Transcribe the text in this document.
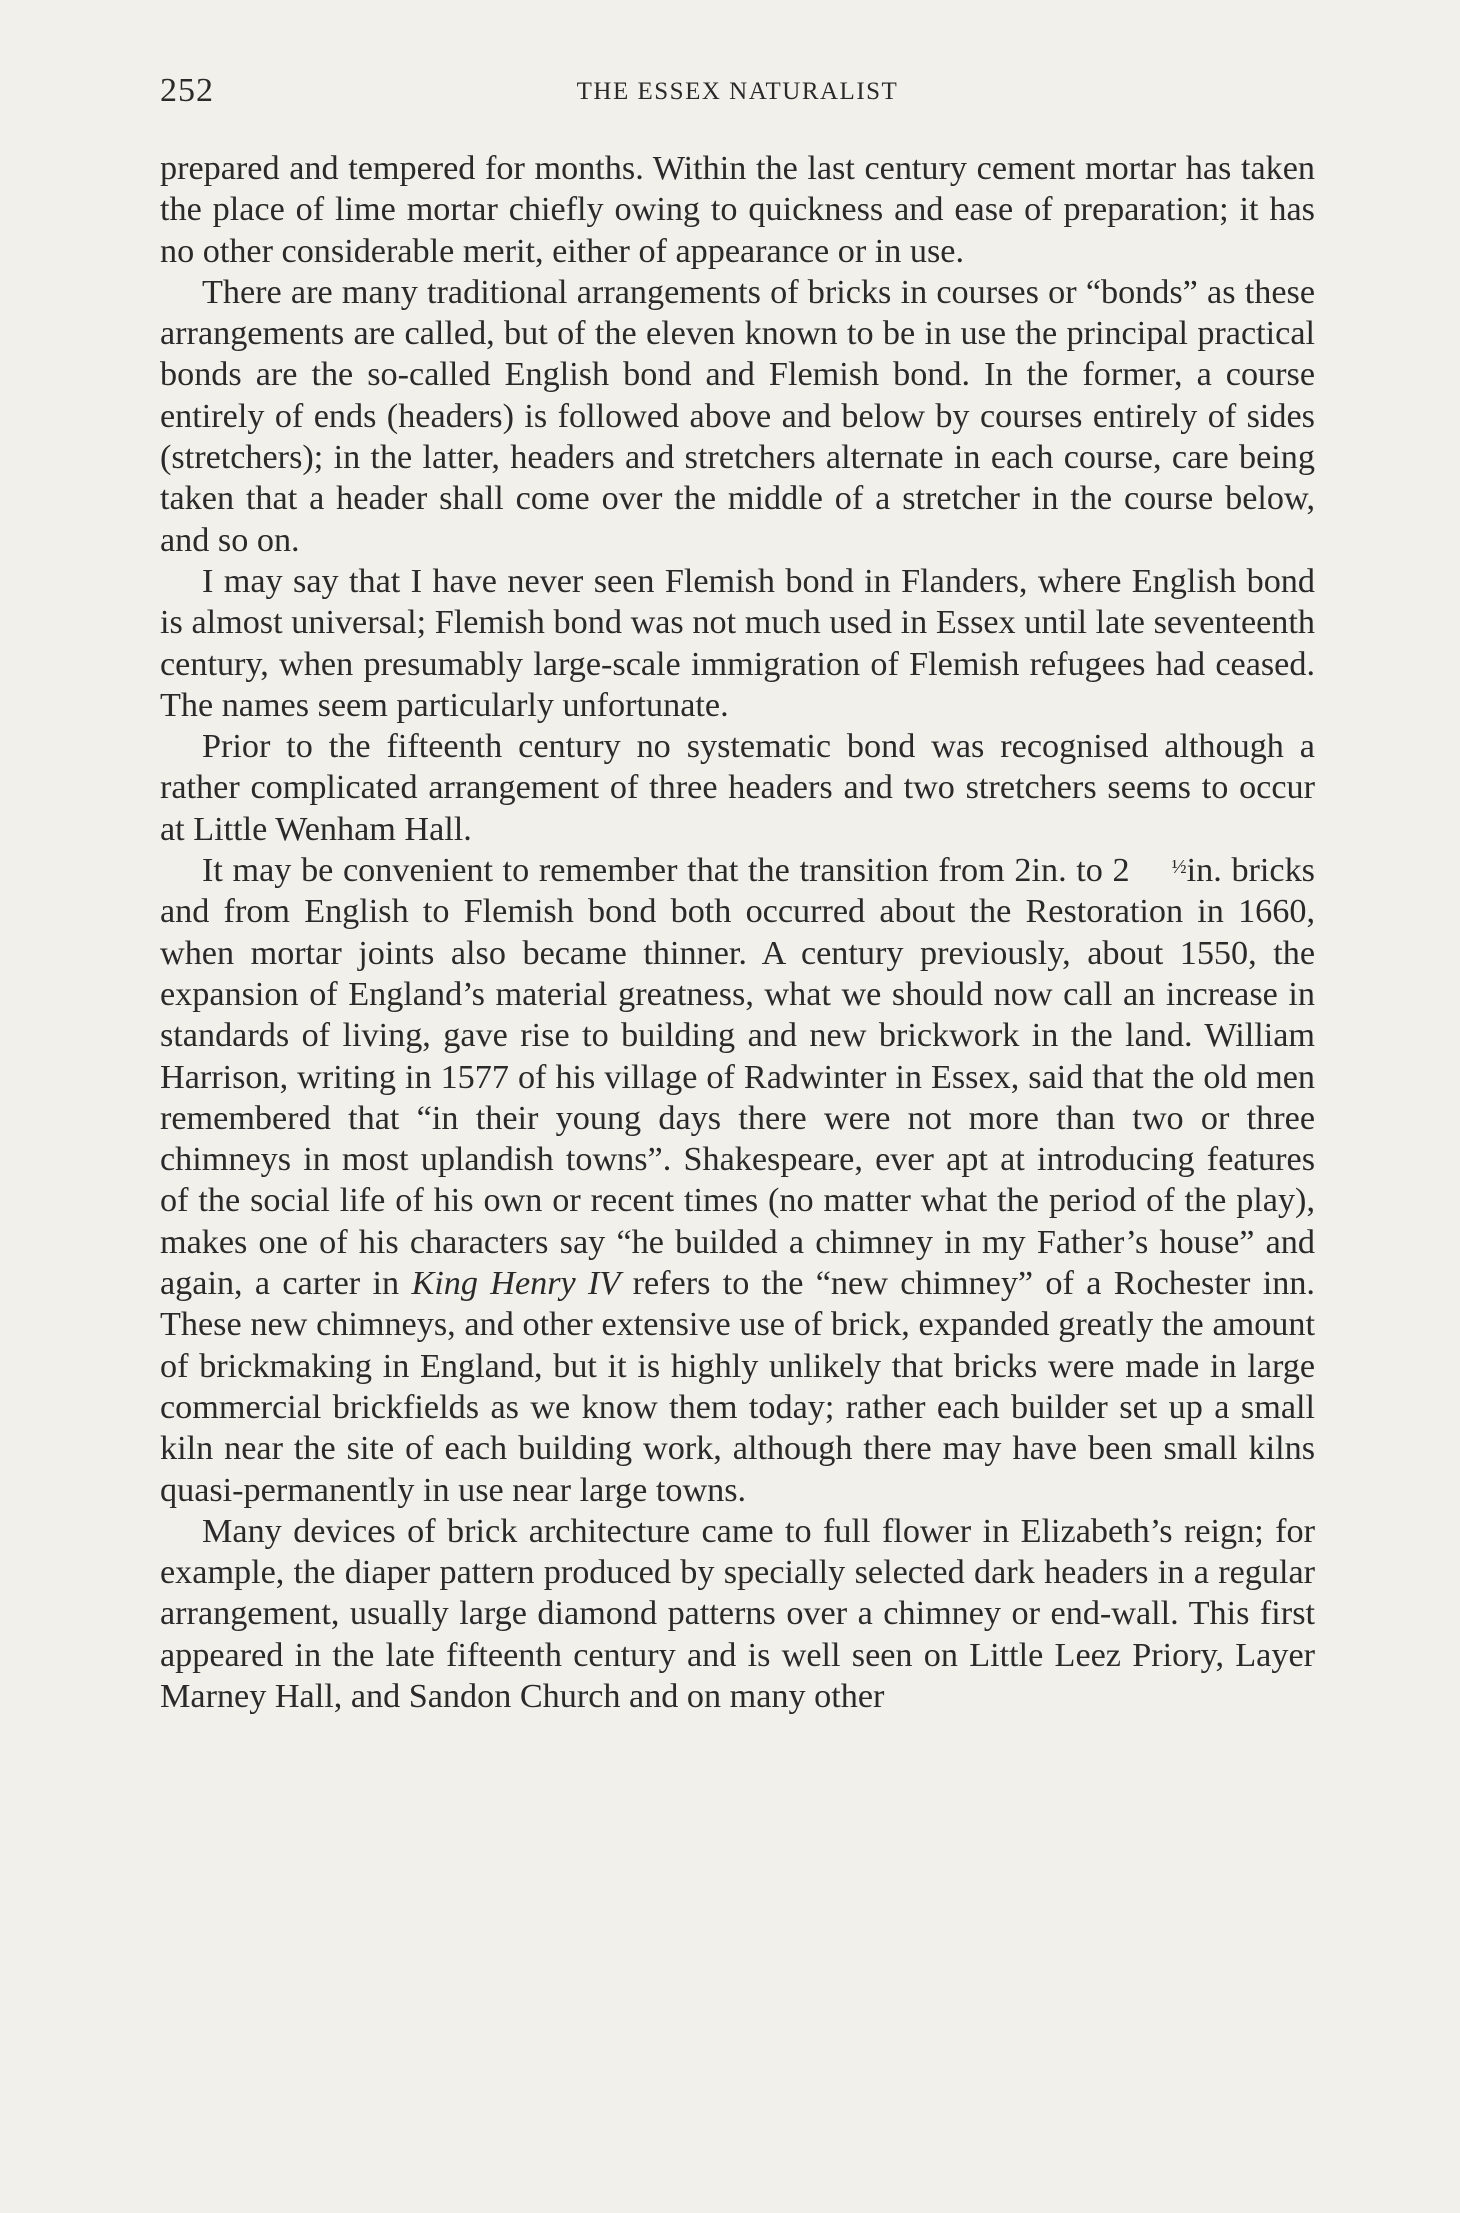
252	THE ESSEX NATURALIST

prepared and tempered for months. Within the last century cement mortar has taken the place of lime mortar chiefly owing to quickness and ease of preparation; it has no other considerable merit, either of appearance or in use.

There are many traditional arrangements of bricks in courses or “bonds” as these arrangements are called, but of the eleven known to be in use the principal practical bonds are the so-called English bond and Flemish bond. In the former, a course entirely of ends (headers) is followed above and below by courses entirely of sides (stretchers); in the latter, headers and stretchers alternate in each course, care being taken that a header shall come over the middle of a stretcher in the course below, and so on.

I may say that I have never seen Flemish bond in Flanders, where English bond is almost universal; Flemish bond was not much used in Essex until late seventeenth century, when presumably large-scale immigration of Flemish refugees had ceased. The names seem particularly unfortunate.

Prior to the fifteenth century no systematic bond was recognised although a rather complicated arrangement of three headers and two stretchers seems to occur at Little Wenham Hall.

It may be convenient to remember that the transition from 2in. to 2 ½in. bricks and from English to Flemish bond both occurred about the Restoration in 1660, when mortar joints also became thinner. A century previously, about 1550, the expansion of England’s material greatness, what we should now call an increase in standards of living, gave rise to building and new brickwork in the land. William Harrison, writing in 1577 of his village of Radwinter in Essex, said that the old men remembered that “in their young days there were not more than two or three chimneys in most uplandish towns”. Shakespeare, ever apt at introducing features of the social life of his own or recent times (no matter what the period of the play), makes one of his characters say “he builded a chimney in my Father’s house” and again, a carter in King Henry IV refers to the “new chimney” of a Rochester inn. These new chimneys, and other extensive use of brick, expanded greatly the amount of brickmaking in England, but it is highly unlikely that bricks were made in large commercial brickfields as we know them today; rather each builder set up a small kiln near the site of each building work, although there may have been small kilns quasi-permanently in use near large towns.

Many devices of brick architecture came to full flower in Elizabeth’s reign; for example, the diaper pattern produced by specially selected dark headers in a regular arrangement, usually large diamond patterns over a chimney or end-wall. This first appeared in the late fifteenth century and is well seen on Little Leez Priory, Layer Marney Hall, and Sandon Church and on many other
